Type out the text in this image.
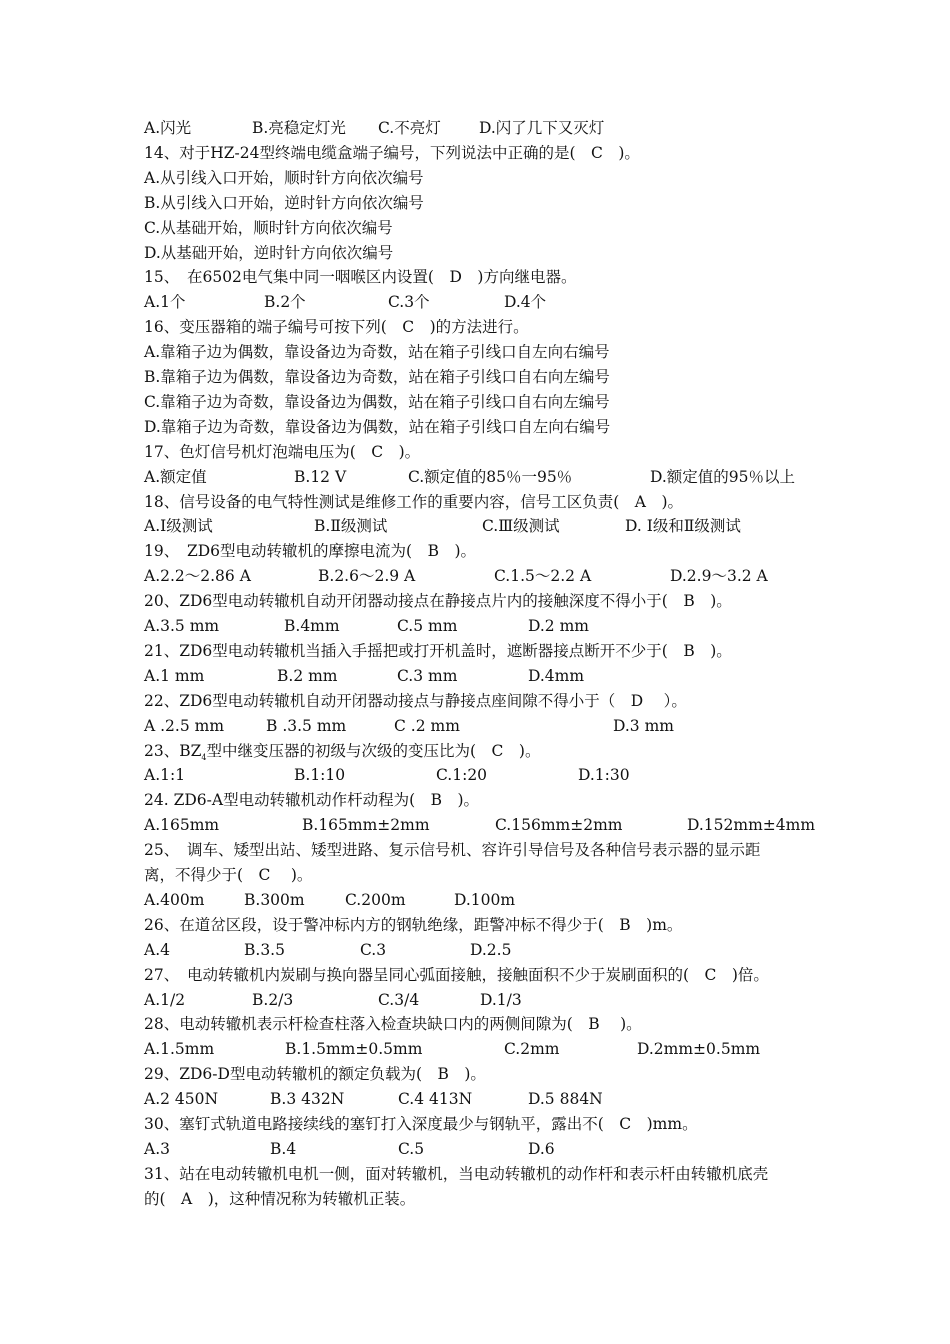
A.闪光	B.亮稳定灯光 C.不亮灯 D.闪了几下又灭灯
14、对于HZ-24型终端电缆盒端子编号，下列说法中正确的是(　C　)。
A.从引线入口开始，顺时针方向依次编号
B.从引线入口开始，逆时针方向依次编号
C.从基础开始，顺时针方向依次编号
D.从基础开始，逆时针方向依次编号
15、　在6502电气集中同一咽喉区内设置(　D　)方向继电器。
A.1个	B.2个	C.3个	D.4个
16、变压器箱的端子编号可按下列(　C　)的方法进行。
A.靠箱子边为偶数，靠设备边为奇数，站在箱子引线口自左向右编号
B.靠箱子边为偶数，靠设备边为奇数，站在箱子引线口自右向左编号
C.靠箱子边为奇数，靠设备边为偶数，站在箱子引线口自右向左编号
D.靠箱子边为奇数，靠设备边为偶数，站在箱子引线口自左向右编号
17、色灯信号机灯泡端电压为(　C　)。
A.额定值	B.12 V	C.额定值的85％一95％	D.额定值的95％以上
18、信号设备的电气特性测试是维修工作的重要内容，信号工区负责(　A　)。
A.Ⅰ级测试	B.Ⅱ级测试	C.Ⅲ级测试	D. Ⅰ级和Ⅱ级测试
19、　ZD6型电动转辙机的摩擦电流为(　B　)。
A.2.2～2.86 A	B.2.6～2.9 A	C.1.5～2.2 A	D.2.9～3.2 A
20、ZD6型电动转辙机自动开闭器动接点在静接点片内的接触深度不得小于(　B　)。
A.3.5 mm	B.4mm	C.5 mm	D.2 mm
21、ZD6型电动转辙机当插入手摇把或打开机盖时，遮断器接点断开不少于(　B　)。
A.1 mm	B.2 mm	C.3 mm	D.4mm
22、ZD6型电动转辙机自动开闭器动接点与静接点座间隙不得小于（　D　 ）。
A .2.5 mm	B .3.5 mm	C .2 mm	D.3 mm
23、$BZ_4$型中继变压器的初级与次级的变压比为(　C　)。
A.1:1	B.1:10	C.1:20	D.1:30
24. ZD6-A型电动转辙机动作杆动程为(　B　)。
A.165mm	B.165mm±2mm	C.156mm±2mm	D.152mm±4mm
25、　调车、矮型出站、矮型进路、复示信号机、容许引导信号及各种信号表示器的显示距
离，不得少于(　C　 )。
A.400m	B.300m	C.200m	D.100m
26、在道岔区段，设于警冲标内方的钢轨绝缘，距警冲标不得少于(　B　)m。
A.4	B.3.5	C.3	D.2.5
27、　电动转辙机内炭刷与换向器呈同心弧面接触，接触面积不少于炭刷面积的(　C　)倍。
A.1/2	B.2/3	C.3/4	D.1/3
28、电动转辙机表示杆检查柱落入检查块缺口内的两侧间隙为(　B　 )。
A.1.5mm	B.1.5mm±0.5mm	C.2mm	D.2mm±0.5mm
29、ZD6-D型电动转辙机的额定负载为(　B　)。
A.2 450N	B.3 432N	C.4 413N	D.5 884N
30、塞钉式轨道电路接续线的塞钉打入深度最少与钢轨平，露出不(　C　)mm。
A.3	B.4	C.5	D.6
31、站在电动转辙机电机一侧，面对转辙机，当电动转辙机的动作杆和表示杆由转辙机底壳
的(　A　)，这种情况称为转辙机正装。
